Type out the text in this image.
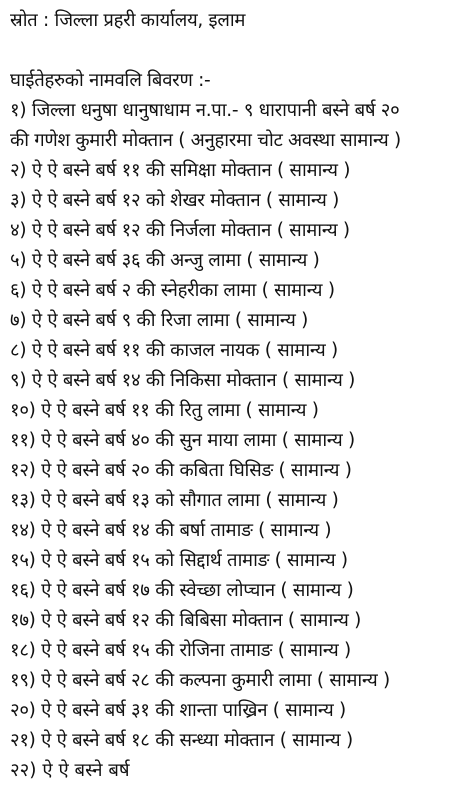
स्रोत : जिल्ला प्रहरी कार्यालय, इलाम
घाईतेहरुको नामवलि बिवरण :-
१) जिल्ला धनुषा धानुषाधाम न.पा.- ९ धारापानी बस्ने बर्ष २०
की गणेश कुमारी मोक्तान ( अनुहारमा चोट अवस्था सामान्य )
२) ऐ ऐ बस्ने बर्ष ११ की समिक्षा मोक्तान ( सामान्य )
३) ऐ ऐ बस्ने बर्ष १२ को शेखर मोक्तान ( सामान्य )
४) ऐ ऐ बस्ने बर्ष १२ की निर्जला मोक्तान ( सामान्य )
५) ऐ ऐ बस्ने बर्ष ३६ की अन्जु लामा ( सामान्य )
६) ऐ ऐ बस्ने बर्ष २ की स्नेहरीका लामा ( सामान्य )
७) ऐ ऐ बस्ने बर्ष ९ की रिजा लामा ( सामान्य )
८) ऐ ऐ बस्ने बर्ष ११ की काजल नायक ( सामान्य )
९) ऐ ऐ बस्ने बर्ष १४ की निकिसा मोक्तान ( सामान्य )
१०) ऐ ऐ बस्ने बर्ष ११ की रितु लामा ( सामान्य )
११) ऐ ऐ बस्ने बर्ष ४० की सुन माया लामा ( सामान्य )
१२) ऐ ऐ बस्ने बर्ष २० की कबिता घिसिङ ( सामान्य )
१३) ऐ ऐ बस्ने बर्ष १३ को सौगात लामा ( सामान्य )
१४) ऐ ऐ बस्ने बर्ष १४ की बर्षा तामाङ ( सामान्य )
१५) ऐ ऐ बस्ने बर्ष १५ को सिद्दार्थ तामाङ ( सामान्य )
१६) ऐ ऐ बस्ने बर्ष १७ की स्वेच्छा लोप्चान ( सामान्य )
१७) ऐ ऐ बस्ने बर्ष १२ की बिबिसा मोक्तान ( सामान्य )
१८) ऐ ऐ बस्ने बर्ष १५ की रोजिना तामाङ ( सामान्य )
१९) ऐ ऐ बस्ने बर्ष २८ की कल्पना कुमारी लामा ( सामान्य )
२०) ऐ ऐ बस्ने बर्ष ३१ की शान्ता पाख्रिन ( सामान्य )
२१) ऐ ऐ बस्ने बर्ष १८ की सन्ध्या मोक्तान ( सामान्य )
२२) ऐ ऐ बस्ने बर्ष
